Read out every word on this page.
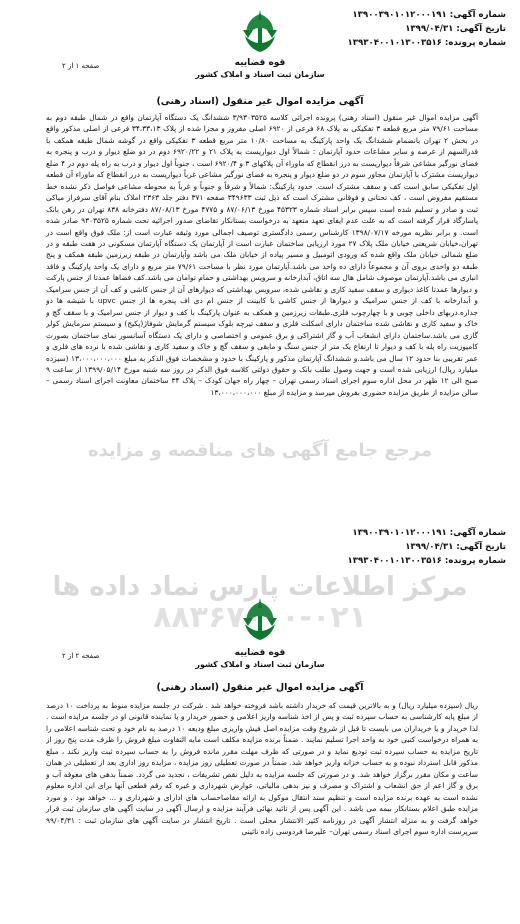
شماره آگهی: ۱۳۹۰۰۳۹۰۱۰۱۲۰۰۰۱۹۱
تاریخ آگهی: ۱۳۹۹/۰۴/۳۱
شماره پرونده: ۱۳۹۳۰۴۰۰۱۰۱۳۰۰۳۵۱۶
قوه قضاییه
سازمان ثبت اسناد و املاک کشور
صفحه ۱ از ۲
آگهی مزایده اموال غیر منقول (اسناد رهنی)
آگهی مزایده اموال غیر منقول (اسناد رهنی) پرونده اجرائی کلاسه ۳/۹۳۰۳۵۲۵ ششدانگ یک دستگاه آپارتمان واقع در شمال طبقه دوم به مساحت ۷۹/۶۱ متر مربع قطعه ۳ تفکیکی به پلاک ۶۸ فرعی از ۶۹۲۰ اصلی مفروز و مجزا شده از پلاک ۳۴،۳۳،۱۳ فرعی از اصلی مذکور واقع در بخش ۲ تهران بانضمام ششدانگ یک واحد پارکینگ به مساحت ۱۰/۸۰ متر مربع قطعه ۳ تفکیکی واقع در گوشه شمال طبقه همکف با قدرالسهم از عرصه و سایر مشاعات حدود آپارتمان : شمالاً اول دیواریست به پلاک ۲۱ و ۶۹۲۰/۲۲ دوم در دو ضلع دیوار و درب و پنجره به فضای نورگیر مشاعی شرقاً دیواریست به درز انقطاع که ماوراء آن پلاکهای ۳ و ۶۹۲۰/۴ است ، جنوباً اول دیوار و درب به راه پله دوم در ۴ ضلع دیواریست مشترک با آپارتمان مجاور سوم در دو ضلع دیوار و پنجره به فضای نورگیر مشاعی غرباً دیواریست به درز انقطاع که ماوراء آن قطعه اول تفکیکی سابق است کف و سقف مشترک است. حدود پارکینگ: شمالاً و شرقاً و جنوباً و غرباً به محوطه مشاعی فواصل ذکر نشده خط مستقیم مفروض است ، کف تحتانی و فوقانی مشترک است که ذیل ثبت ۳۴۹۶۳۳ صفحه ۳۷۱ دفتر جلد ۲۳۶۳ املاک بنام آقای سرفراز میاکی ثبت و صادر و تسلیم شده است سپس برابر اسناد شماره ۴۵۳۲۳ مورخ ۸۷/۰۶/۱۳ و ۴۷۷۵ مورخ ۸۷/۰۸/۱۳ دفترخانه ۸۳۸ تهران در رهن بانک پاسارگاد قرار گرفته است که به علت عدم ایفای تعهد متعهد به درخواست بستانکار تقاضای صدور اجرائیه تحت شماره ۹۳۰۳۵۲۵ صادر شده است. و برابر نظریه مورخه ۱۳۹۸/۰۷/۱۷ کارشناس رسمی دادگستری توصیف اجمالی مورد وثیقه عبارت است از: ملک فوق واقع است در تهران،خیابان شریعتی خیابان ملک پلاک ۲۷ مورد ارزیابی ساختمان عبارت است از آپارتمان یک دستگاه آپارتمان مسکونی در هفت طبقه و در ضلع شمالی خیابان ملک واقع شده که ورودی اتومبیل و مسیر پیاده از خیابان ملک می باشد وآپارتمان در طبقه زیرزمین طبقه همکف و پنج طبقه دو واحدی بروی آن و مجموعاً دارای ده واحد می باشد.آپارتمان مورد نظر با مساحت ۷۹/۶۱ متر مربع و دارای یک واحد پارکینگ و فاقد انباری می باشد.آپارتمان موصوف شامل هال سه اتاق، آبدارخانه و سرویس بهداشتی و حمام توامان می باشد.کف فضاها عمدتا از جنس پارکت و دیوارها عمدتا کاغذ دیواری و سقف سفید کاری و نقاشی شده، سرویس بهداشتی که دیوارهای آن از جنس کاشی و کف آن از جنس سرامیک و آبدارخانه با کف از جنس سرامیک و دیوارها از جنس کاشی با کابینت از جنس ام دی اف پنجره ها از جنس upvc با شیشه ها دو جداره.دربهای داخلی چوبی و با چهارچوب فلزی.طبقات زیرزمین و همکف به عنوان پارکینگ با کف و دیوار از جنس سرامیک و با سقف گچ و خاک و سفید کاری و نقاشی شده ساختمان دارای اسکلت فلزی و سقف تیرچه بلوک سیستم گرمایش شوفاژ(پکیج) و سیستم سرمایش کولر گازی می باشد.ساختمان دارای انشعاب آب و گاز اشتراکی و برق عمومی و اختصاصی و دارای یک دستگاه آسانسور نمای ساختمان بصورت کامپوزیت راه پله با کف و دیوار تا ارتفاع یک متر از جنس سنگ و مابقی و سقف گچ و خاک و سفید کاری و نقاشی شده با نرده های فلزی و عمر تقریبی بنا حدود ۱۲ سال می باشد.و ششدانگ آپارتمان مذکور و پارکینگ با حدود و مشخصات فوق الذکر به مبلغ ۱۳،۰۰۰،۰۰۰،۰۰۰ (سیزده میلیارد ریال) ارزیابی شده است و جهت وصول طلب بانک و حقوق دولتی کلاسه فوق الذکر در روز سه شنبه مورخ ۱۳۹۹/۰۵/۱۴ از ساعت ۹ صبح الی ۱۲ ظهر در محل اداره سوم اجرای اسناد رسمی تهران – چهار راه جهان کودک – پلاک ۳۴ ساختمان معاونت اجرای اسناد رسمی – سالن مزایده از طریق مزایده حضوری بفروش میرسد و مزایده از مبلغ ۱۳،۰۰۰،۰۰۰،۰۰۰
شماره آگهی: ۱۳۹۰۰۳۹۰۱۰۱۲۰۰۰۱۹۱
تاریخ آگهی: ۱۳۹۹/۰۴/۳۱
شماره پرونده: ۱۳۹۳۰۴۰۰۱۰۱۳۰۰۳۵۱۶
قوه قضاییه
سازمان ثبت اسناد و املاک کشور
صفحه ۲ از ۲
آگهی مزایده اموال غیر منقول (اسناد رهنی)
ریال (سیزده میلیارد ریال) و به بالاترین قیمت که خریدار داشته باشد فروخته خواهد شد . شرکت در جلسه مزایده منوط به پرداخت ۱۰ درصد از مبلغ پایه کارشناسی به حساب سپرده ثبت و پس از اخذ شناسه واریز اعلامی و حضور خریدار و یا نماینده قانونی او در جلسه مزایده است . لذا خریدار و یا خریداران می بایست تا قبل از شروع وقت مزایده اصل فیش واریزی مبلغ ودیعه ۱۰ درصد به نام خود و تحت شناسه اعلامی را به همراه درخواست کتبی خود به واحد اجرا تسلیم نمایند . ضمناً برنده مزایده مکلف است مابه التفاوت مبلغ فروش را ظرف مدت پنج روز از تاریخ مزایده به حساب سپرده ثبت تودیع نماید و در صورتی که ظرف مهلت مقرر مانده فروش را به حساب سپرده ثبت واریز نکند ، مبلغ مذکور قابل استرداد نبوده و به حساب خزانه واریز خواهد شد. ضمناً در صورت تعطیلی روز مزایده ، مزایده روز اداری بعد از تعطیلی در همان ساعت و مکان مقرر برگزار خواهد شد. و در صورتی که جلسه مزایده به دلیل نقص تشریفات ، تجدید می گردد. ضمناً بدهی های معوقه آب و برق و گاز اعم از حق انشعاب و اشتراک و مصرف و نیز بدهی مالیاتی، عوارض شهرداری و غیره که رقم قطعی آنها برای این اداره معلوم نشده است به عهده برنده مزایده است و تنظیم سند انتقال موکول به ارائه مفاصاحساب های ادارای و شهرداری و ... خواهد بود . و مورد مزایده طبق اعلام بستانکار بیمه می باشد . این آگهی پس از تائید نهائی فرآیند مزایده و ارسال آگهی در سایت آگهی های سازمان ثبت قرار خواهد گرفت و به منزله انتشار آگهی در روزنامه کثیر الانتشار محلی است . تاریخ انتشار در سایت آگهی های سازمان ثبت : ۹۹/۰۴/۳۱ سرپرست اداره سوم اجرای اسناد رسمی تهران– علیرضا فردوسی زاده نائینی
مرجع جامع آگهی های مناقصه و مزایده
مرکز اطلاعات پارس نماد داده ها
۸۸۳۶۷۰۰۰-۰۲۱
